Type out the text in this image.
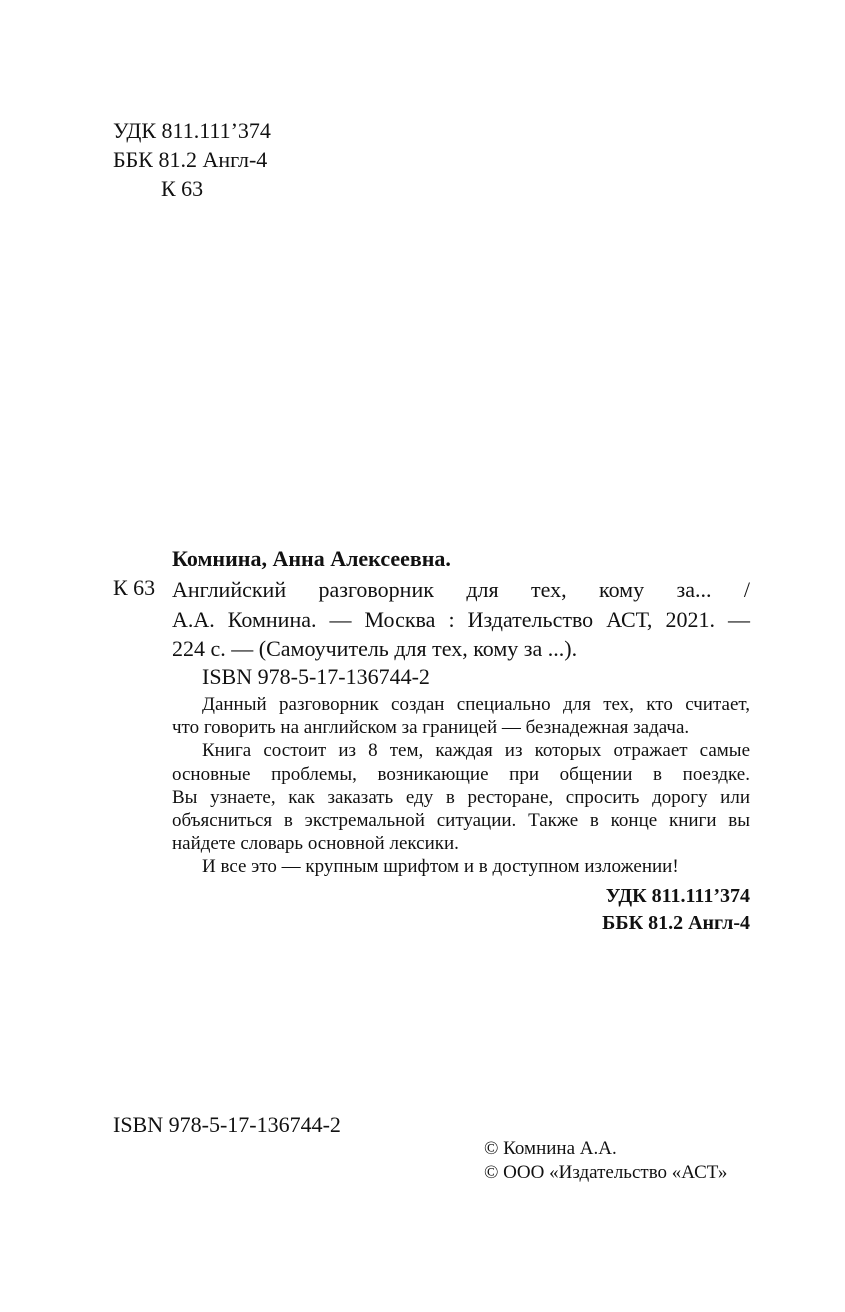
УДК 811.111’374
ББК 81.2 Англ-4
К 63
Комнина, Анна Алексеевна.
К 63 Английский разговорник для тех, кому за... /
А.А. Комнина. — Москва : Издательство АСТ, 2021. —
224 с. — (Самоучитель для тех, кому за ...).
ISBN 978-5-17-136744-2
Данный разговорник создан специально для тех, кто считает,
что говорить на английском за границей — безнадежная задача.
Книга состоит из 8 тем, каждая из которых отражает самые
основные проблемы, возникающие при общении в поездке.
Вы узнаете, как заказать еду в ресторане, спросить дорогу или
объясниться в экстремальной ситуации. Также в конце книги вы
найдете словарь основной лексики.
И все это — крупным шрифтом и в доступном изложении!
УДК 811.111’374
ББК 81.2 Англ-4
ISBN 978-5-17-136744-2
© Комнина А.А.
© ООО «Издательство «АСТ»
